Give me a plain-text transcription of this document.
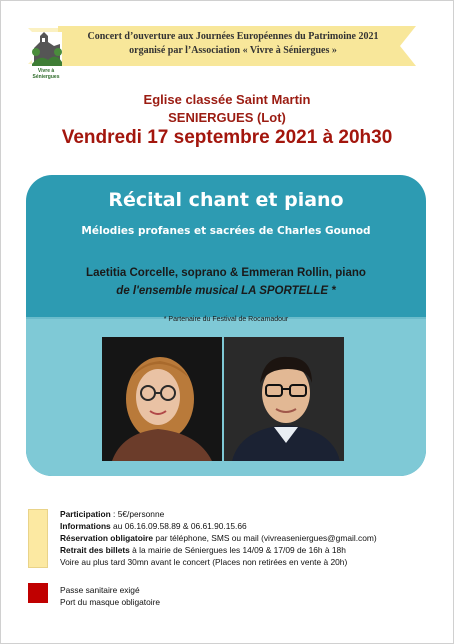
Concert d’ouverture aux Journées Européennes du Patrimoine 2021
organisé par l’Association « Vivre à Séniergues »
Vivre à Séniergues
Eglise classée Saint Martin
SENIERGUES (Lot)
Vendredi 17 septembre 2021 à 20h30
Récital chant et piano
Mélodies profanes et sacrées de Charles Gounod
Laetitia Corcelle, soprano & Emmeran Rollin, piano
de l'ensemble musical LA SPORTELLE *
* Partenaire du Festival de Rocamadour
Participation : 5€/personne
Informations au 06.16.09.58.89 & 06.61.90.15.66
Réservation obligatoire par téléphone, SMS ou mail (vivreaseniergues@gmail.com)
Retrait des billets à la mairie de Séniergues les 14/09 & 17/09 de 16h à 18h
Voire au plus tard 30mn avant le concert (Places non retirées en vente à 20h)
Passe sanitaire exigé
Port du masque obligatoire
